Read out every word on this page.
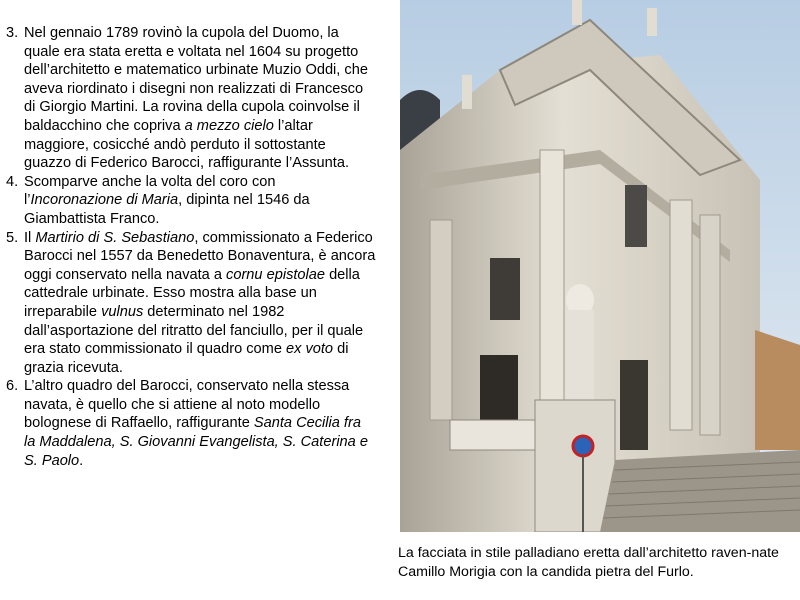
3. Nel gennaio 1789 rovinò la cupola del Duomo, la quale era stata eretta e voltata nel 1604 su progetto dell’architetto e matematico urbinate Muzio Oddi, che aveva riordinato i disegni non realizzati di Francesco di Giorgio Martini. La rovina della cupola coinvolse il baldacchino che copriva a mezzo cielo l’altar maggiore, cosicché andò perduto il sottostante guazzo di Federico Barocci, raffigurante l’Assunta.
4. Scomparve anche la volta del coro con l’Incoronazione di Maria, dipinta nel 1546 da Giambattista Franco.
5. Il Martirio di S. Sebastiano, commissionato a Federico Barocci nel 1557 da Benedetto Bonaventura, è ancora oggi conservato nella navata a cornu epistolae della cattedrale urbinate. Esso mostra alla base un irreparabile vulnus determinato nel 1982 dall’asportazione del ritratto del fanciullo, per il quale era stato commissionato il quadro come ex voto di grazia ricevuta.
6. L’altro quadro del Barocci, conservato nella stessa navata, è quello che si attiene al noto modello bolognese di Raffaello, raffigurante Santa Cecilia fra la Maddalena, S. Giovanni Evangelista, S. Caterina e S. Paolo.
La facciata in stile palladiano eretta dall’architetto raven-nate Camillo Morigia con la candida pietra del Furlo.
